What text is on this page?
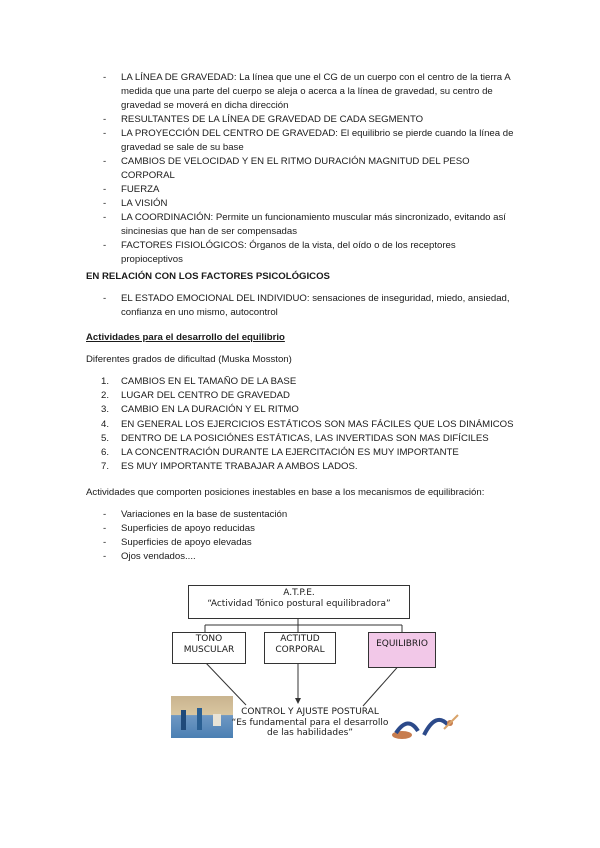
- LA LÍNEA DE GRAVEDAD: La línea que une el CG de un cuerpo con el centro de la tierra A medida que una parte del cuerpo se aleja o acerca a la línea de gravedad, su centro de gravedad se moverá en dicha dirección
- RESULTANTES DE LA LÍNEA DE GRAVEDAD DE CADA SEGMENTO
- LA PROYECCIÓN DEL CENTRO DE GRAVEDAD: El equilibrio se pierde cuando la línea de gravedad se sale de su base
- CAMBIOS DE VELOCIDAD Y EN EL RITMO DURACIÓN MAGNITUD DEL PESO CORPORAL
- FUERZA
- LA VISIÓN
- LA COORDINACIÓN: Permite un funcionamiento muscular más sincronizado, evitando así sincinesias que han de ser compensadas
- FACTORES FISIOLÓGICOS: Órganos de la vista, del oído o de los receptores propioceptivos
EN RELACIÓN CON LOS FACTORES PSICOLÓGICOS
- EL ESTADO EMOCIONAL DEL INDIVIDUO: sensaciones de inseguridad, miedo, ansiedad, confianza en uno mismo, autocontrol
Actividades para el desarrollo del equilibrio
Diferentes grados de dificultad (Muska Mosston)
1. CAMBIOS EN EL TAMAÑO DE LA BASE
2. LUGAR DEL CENTRO DE GRAVEDAD
3. CAMBIO EN LA DURACIÓN Y EL RITMO
4. EN GENERAL LOS EJERCICIOS ESTÁTICOS SON MAS FÁCILES QUE LOS DINÁMICOS
5. DENTRO DE LA POSICIÓNES ESTÁTICAS, LAS INVERTIDAS SON MAS DIFÍCILES
6. LA CONCENTRACIÓN DURANTE LA EJERCITACIÓN ES MUY IMPORTANTE
7. ES MUY IMPORTANTE TRABAJAR A AMBOS LADOS.
Actividades que comporten posiciones inestables en base a los mecanismos de equilibración:
- Variaciones en la base de sustentación
- Superficies de apoyo reducidas
- Superficies de apoyo elevadas
- Ojos vendados....
A.T.P.E.
“Actividad Tónico postural equilibradora”
TONO MUSCULAR
ACTITUD CORPORAL
EQUILIBRIO
CONTROL Y AJUSTE POSTURAL
“Es fundamental para el desarrollo de las habilidades”
